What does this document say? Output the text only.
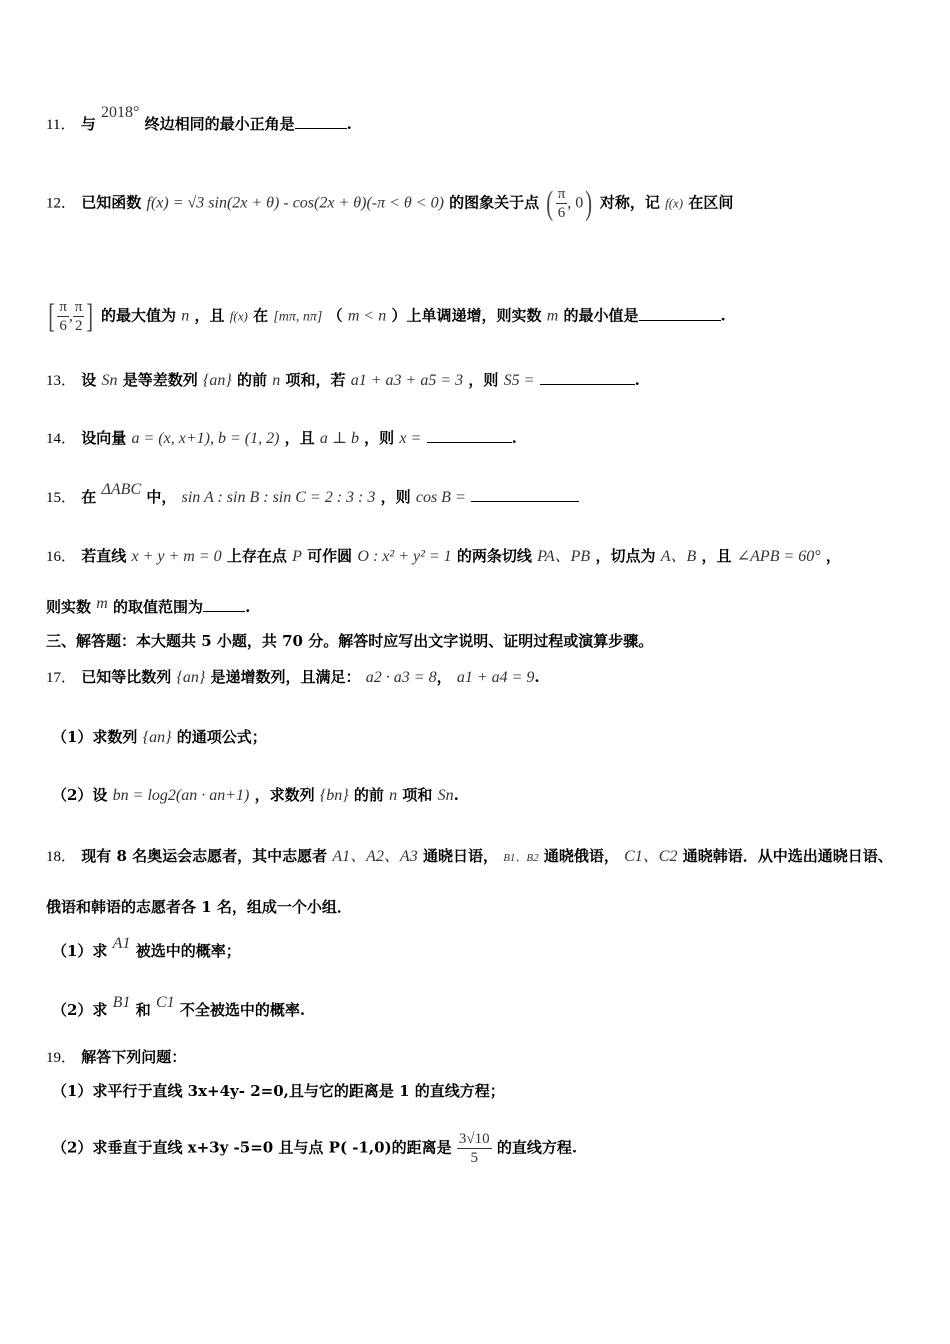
11． 与 2018° 终边相同的最小正角是	.
12． 已知函数 f(x) = √3 sin(2x + θ) - cos(2x + θ)(-π < θ < 0) 的图象关于点 ( $\frac{\pi}{6}$ , 0) 对称，记 f(x) 在区间
[ $\frac{\pi}{6}$ , $\frac{\pi}{2}$ ] 的最大值为 n ，且 f(x) 在 [mπ, nπ] （ m < n ）上单调递增，则实数 m 的最小值是	.
13． 设 Sn 是等差数列 {an} 的前 n 项和，若 a1 + a3 + a5 = 3 ，则 S5 =	.
14． 设向量 a = (x, x+1), b = (1, 2) ，且 a ⊥ b ，则 x =	.
15． 在 ΔABC 中， sin A : sin B : sin C = 2 : 3 : 3 ，则 cos B =
16． 若直线 x + y + m = 0 上存在点 P 可作圆 O : x² + y² = 1 的两条切线 PA、PB ，切点为 A、B ，且 ∠APB = 60° ，
则实数 m 的取值范围为	.
三、解答题：本大题共 5 小题，共 70 分。解答时应写出文字说明、证明过程或演算步骤。
17． 已知等比数列 {an} 是递增数列，且满足： a2 · a3 = 8， a1 + a4 = 9.
（1）求数列 {an} 的通项公式；
（2）设 bn = log2(an · an+1) ，求数列 {bn} 的前 n 项和 Sn.
18． 现有 8 名奥运会志愿者，其中志愿者 A1、A2、A3 通晓日语， B1、B2 通晓俄语， C1、C2 通晓韩语．从中选出通晓日语、
俄语和韩语的志愿者各 1 名，组成一个小组．
（1）求 A1 被选中的概率；
（2）求 B1 和 C1 不全被选中的概率.
19． 解答下列问题：
（1）求平行于直线 3x+4y- 2=0,且与它的距离是 1 的直线方程；
（2）求垂直于直线 x+3y -5=0 且与点 P( -1,0)的距离是 $\frac{3√10}{5}$ 的直线方程.
